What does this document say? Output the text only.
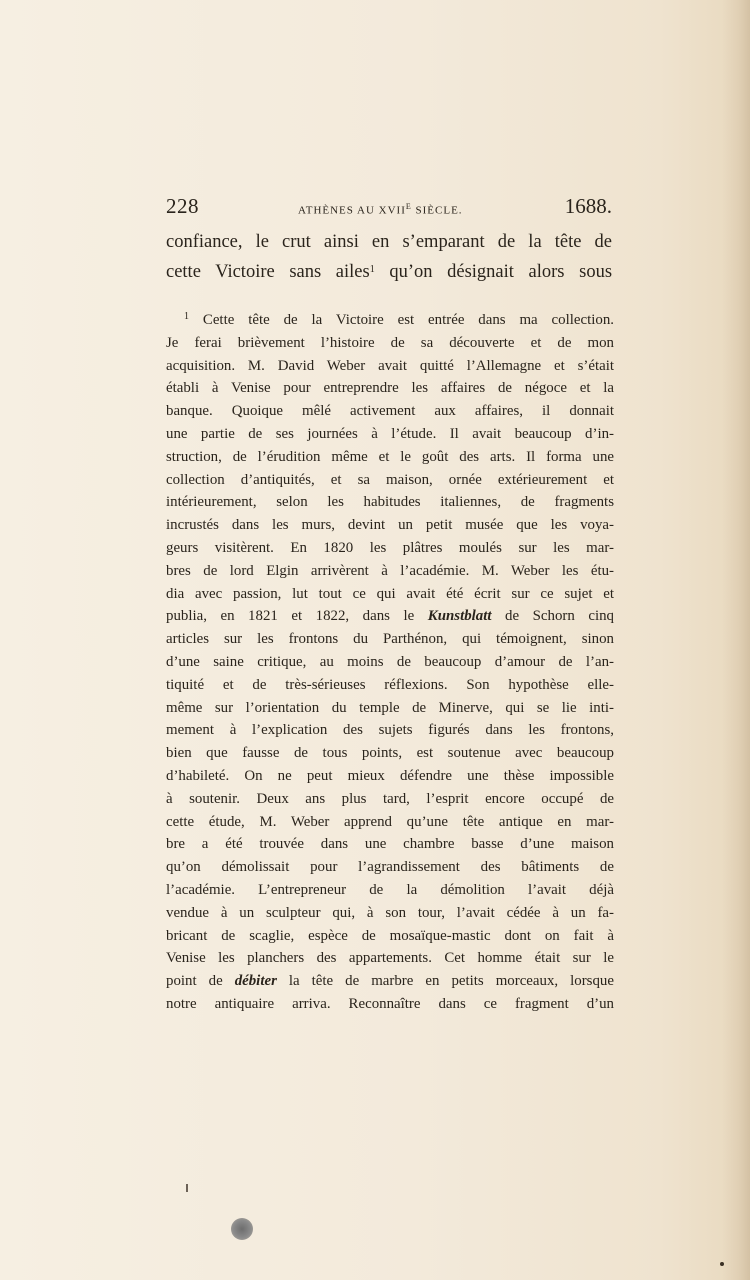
228	ATHÈNES AU $XVII^E$ SIÈCLE.	1688.
confiance, le crut ainsi en s’emparant de la tête de
cette Victoire sans ailes$^1$ qu’on désignait alors sous
$^1$ Cette tête de la Victoire est entrée dans ma collection.
Je ferai brièvement l’histoire de sa découverte et de mon
acquisition. M. David Weber avait quitté l’Allemagne et s’était
établi à Venise pour entreprendre les affaires de négoce et la
banque. Quoique mêlé activement aux affaires, il donnait
une partie de ses journées à l’étude. Il avait beaucoup d’in-
struction, de l’érudition même et le goût des arts. Il forma une
collection d’antiquités, et sa maison, ornée extérieurement et
intérieurement, selon les habitudes italiennes, de fragments
incrustés dans les murs, devint un petit musée que les voya-
geurs visitèrent. En 1820 les plâtres moulés sur les mar-
bres de lord Elgin arrivèrent à l’académie. M. Weber les étu-
dia avec passion, lut tout ce qui avait été écrit sur ce sujet et
publia, en 1821 et 1822, dans le Kunstblatt de Schorn cinq
articles sur les frontons du Parthénon, qui témoignent, sinon
d’une saine critique, au moins de beaucoup d’amour de l’an-
tiquité et de très-sérieuses réflexions. Son hypothèse elle-
même sur l’orientation du temple de Minerve, qui se lie inti-
mement à l’explication des sujets figurés dans les frontons,
bien que fausse de tous points, est soutenue avec beaucoup
d’habileté. On ne peut mieux défendre une thèse impossible
à soutenir. Deux ans plus tard, l’esprit encore occupé de
cette étude, M. Weber apprend qu’une tête antique en mar-
bre a été trouvée dans une chambre basse d’une maison
qu’on démolissait pour l’agrandissement des bâtiments de
l’académie. L’entrepreneur de la démolition l’avait déjà
vendue à un sculpteur qui, à son tour, l’avait cédée à un fa-
bricant de scaglie, espèce de mosaïque-mastic dont on fait à
Venise les planchers des appartements. Cet homme était sur le
point de débiter la tête de marbre en petits morceaux, lorsque
notre antiquaire arriva. Reconnaître dans ce fragment d’un
